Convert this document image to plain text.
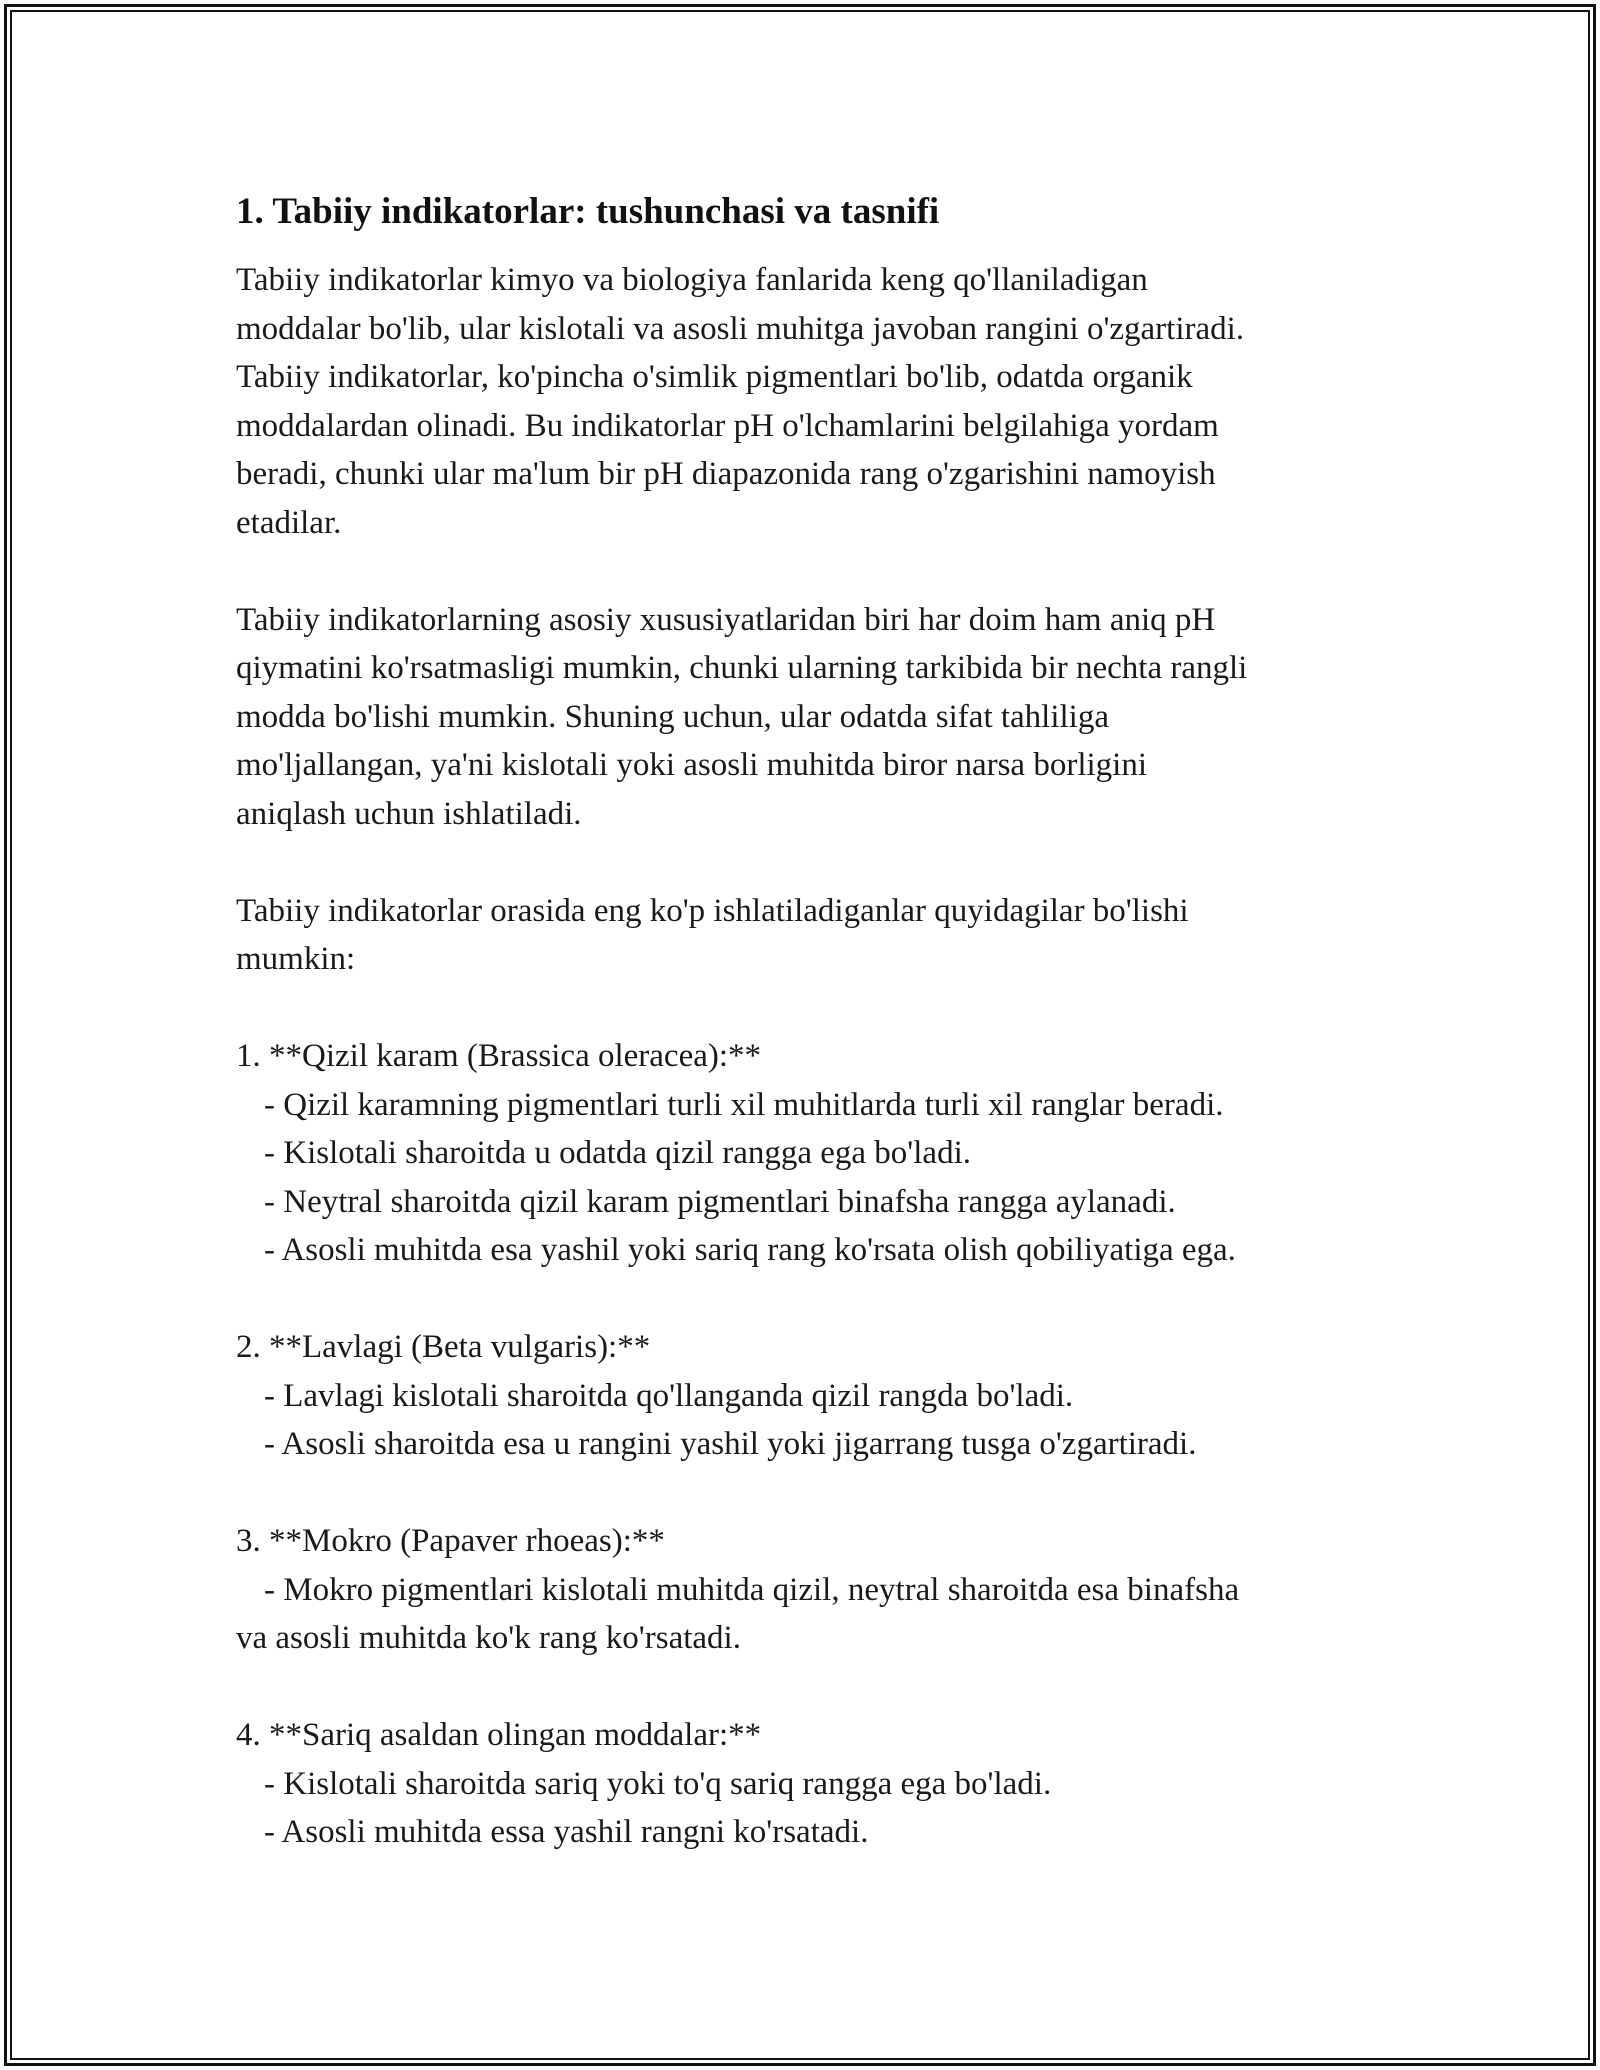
1. Tabiiy indikatorlar: tushunchasi va tasnifi

Tabiiy indikatorlar kimyo va biologiya fanlarida keng qo'llaniladigan
moddalar bo'lib, ular kislotali va asosli muhitga javoban rangini o'zgartiradi.
Tabiiy indikatorlar, ko'pincha o'simlik pigmentlari bo'lib, odatda organik
moddalardan olinadi. Bu indikatorlar pH o'lchamlarini belgilahiga yordam
beradi, chunki ular ma'lum bir pH diapazonida rang o'zgarishini namoyish
etadilar.

Tabiiy indikatorlarning asosiy xususiyatlaridan biri har doim ham aniq pH
qiymatini ko'rsatmasligi mumkin, chunki ularning tarkibida bir nechta rangli
modda bo'lishi mumkin. Shuning uchun, ular odatda sifat tahliliga
mo'ljallangan, ya'ni kislotali yoki asosli muhitda biror narsa borligini
aniqlash uchun ishlatiladi.

Tabiiy indikatorlar orasida eng ko'p ishlatiladiganlar quyidagilar bo'lishi
mumkin:

1. **Qizil karam (Brassica oleracea):**
- Qizil karamning pigmentlari turli xil muhitlarda turli xil ranglar beradi.
- Kislotali sharoitda u odatda qizil rangga ega bo'ladi.
- Neytral sharoitda qizil karam pigmentlari binafsha rangga aylanadi.
- Asosli muhitda esa yashil yoki sariq rang ko'rsata olish qobiliyatiga ega.
2. **Lavlagi (Beta vulgaris):**
- Lavlagi kislotali sharoitda qo'llanganda qizil rangda bo'ladi.
- Asosli sharoitda esa u rangini yashil yoki jigarrang tusga o'zgartiradi.
3. **Mokro (Papaver rhoeas):**
- Mokro pigmentlari kislotali muhitda qizil, neytral sharoitda esa binafsha
va asosli muhitda ko'k rang ko'rsatadi.
4. **Sariq asaldan olingan moddalar:**
- Kislotali sharoitda sariq yoki to'q sariq rangga ega bo'ladi.
- Asosli muhitda essa yashil rangni ko'rsatadi.
